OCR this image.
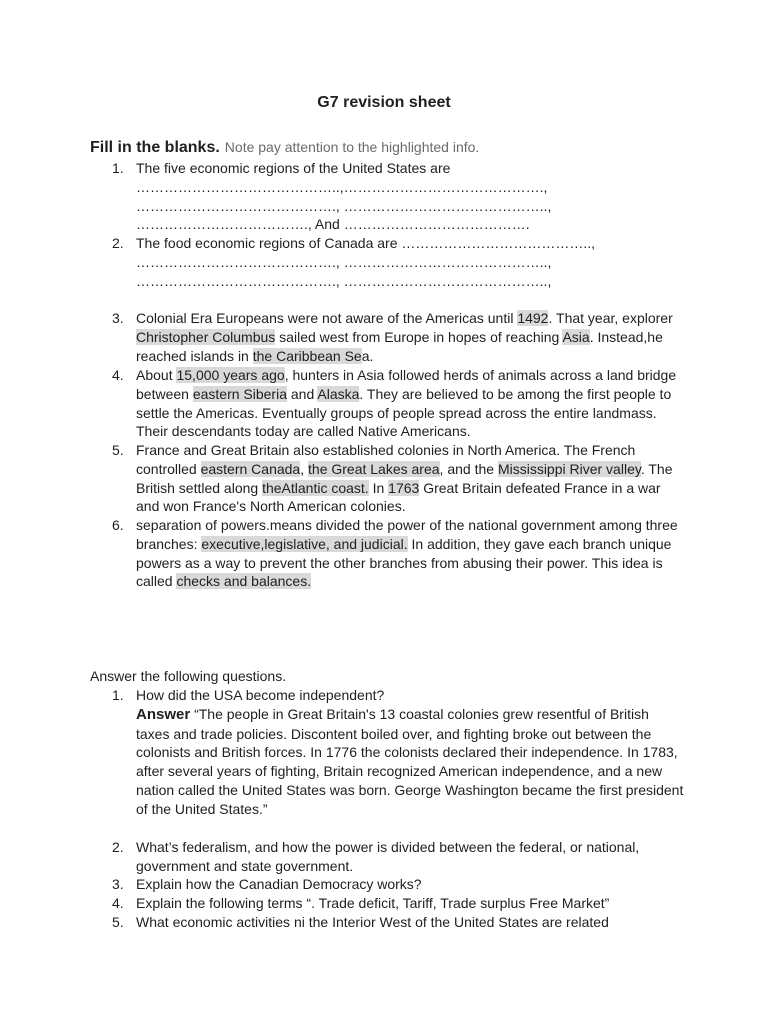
G7 revision sheet
Fill in the blanks. Note pay attention to the highlighted info.
1. The five economic regions of the United States are
……………………………………..,…………………………………….,
……………………………………., ……………………………………..,
………………………………., And ………………………………….
2. The food economic regions of Canada are …………………………………..,
……………………………………., ……………………………………..,
……………………………………., ……………………………………..,
3. Colonial Era Europeans were not aware of the Americas until 1492. That year, explorer
Christopher Columbus sailed west from Europe in hopes of reaching Asia. Instead,he
reached islands in the Caribbean Sea.
4. About 15,000 years ago, hunters in Asia followed herds of animals across a land bridge
between eastern Siberia and Alaska. They are believed to be among the first people to
settle the Americas. Eventually groups of people spread across the entire landmass.
Their descendants today are called Native Americans.
5. France and Great Britain also established colonies in North America. The French
controlled eastern Canada, the Great Lakes area, and the Mississippi River valley. The
British settled along theAtlantic coast. In 1763 Great Britain defeated France in a war
and won France's North American colonies.
6. separation of powers.means divided the power of the national government among three
branches: executive,legislative, and judicial. In addition, they gave each branch unique
powers as a way to prevent the other branches from abusing their power. This idea is
called checks and balances.
Answer the following questions.
1. How did the USA become independent?
Answer “The people in Great Britain's 13 coastal colonies grew resentful of British
taxes and trade policies. Discontent boiled over, and fighting broke out between the
colonists and British forces. In 1776 the colonists declared their independence. In 1783,
after several years of fighting, Britain recognized American independence, and a new
nation called the United States was born. George Washington became the first president
of the United States.”
2. What’s federalism, and how the power is divided between the federal, or national,
government and state government.
3. Explain how the Canadian Democracy works?
4. Explain the following terms “. Trade deficit, Tariff, Trade surplus Free Market”
5. What economic activities ni the Interior West of the United States are related
